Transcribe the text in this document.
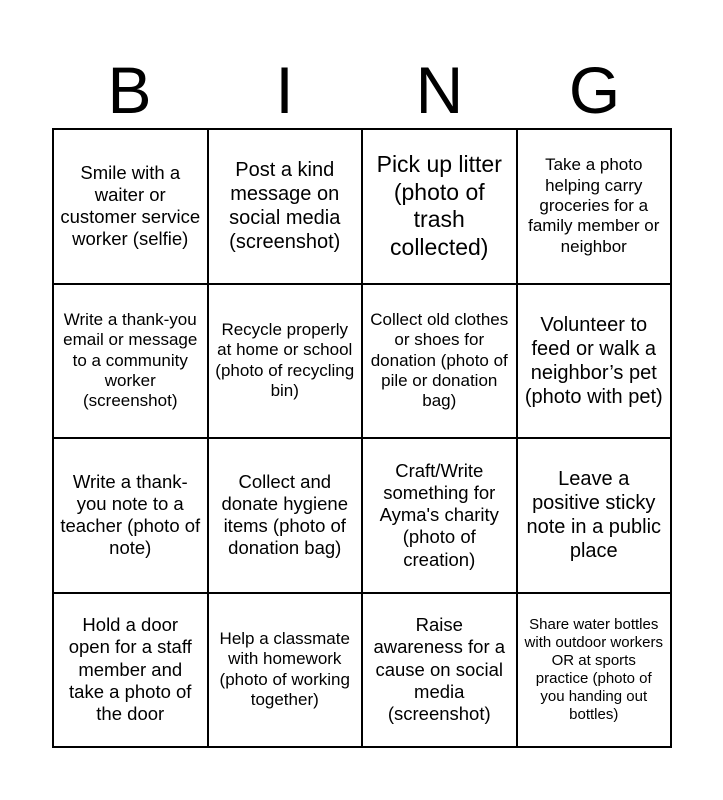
B	I	N	G
Smile with a waiter or customer service worker (selfie)
Post a kind message on social media (screenshot)
Pick up litter (photo of trash collected)
Take a photo helping carry groceries for a family member or neighbor
Write a thank-you email or message to a community worker (screenshot)
Recycle properly at home or school (photo of recycling bin)
Collect old clothes or shoes for donation (photo of pile or donation bag)
Volunteer to feed or walk a neighbor’s pet (photo with pet)
Write a thank-you note to a teacher (photo of note)
Collect and donate hygiene items (photo of donation bag)
Craft/Write something for Ayma's charity (photo of creation)
Leave a positive sticky note in a public place
Hold a door open for a staff member and take a photo of the door
Help a classmate with homework (photo of working together)
Raise awareness for a cause on social media (screenshot)
Share water bottles with outdoor workers OR at sports practice (photo of you handing out bottles)
